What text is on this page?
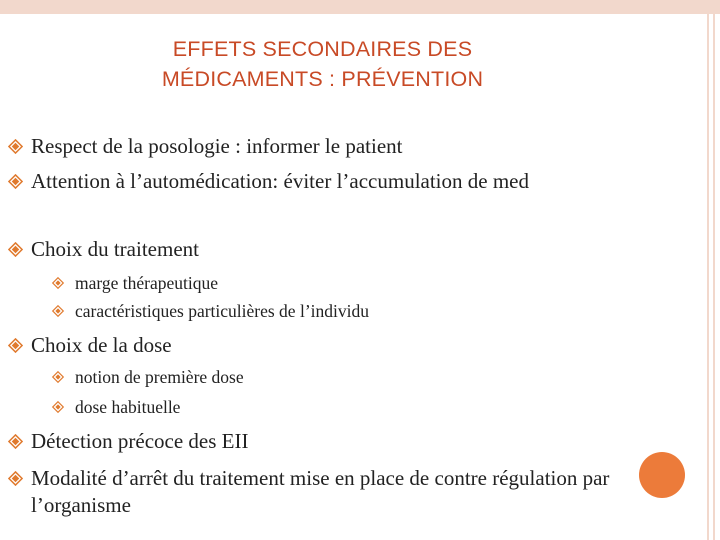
EFFETS SECONDAIRES DES
MÉDICAMENTS : PRÉVENTION
Respect de la posologie : informer le patient
Attention à l’automédication: éviter l’accumulation de med
Choix du traitement
marge thérapeutique
caractéristiques particulières de l’individu
Choix de la dose
notion de première dose
dose habituelle
Détection précoce des EII
Modalité d’arrêt du traitement mise en place de contre régulation par
l’organisme
